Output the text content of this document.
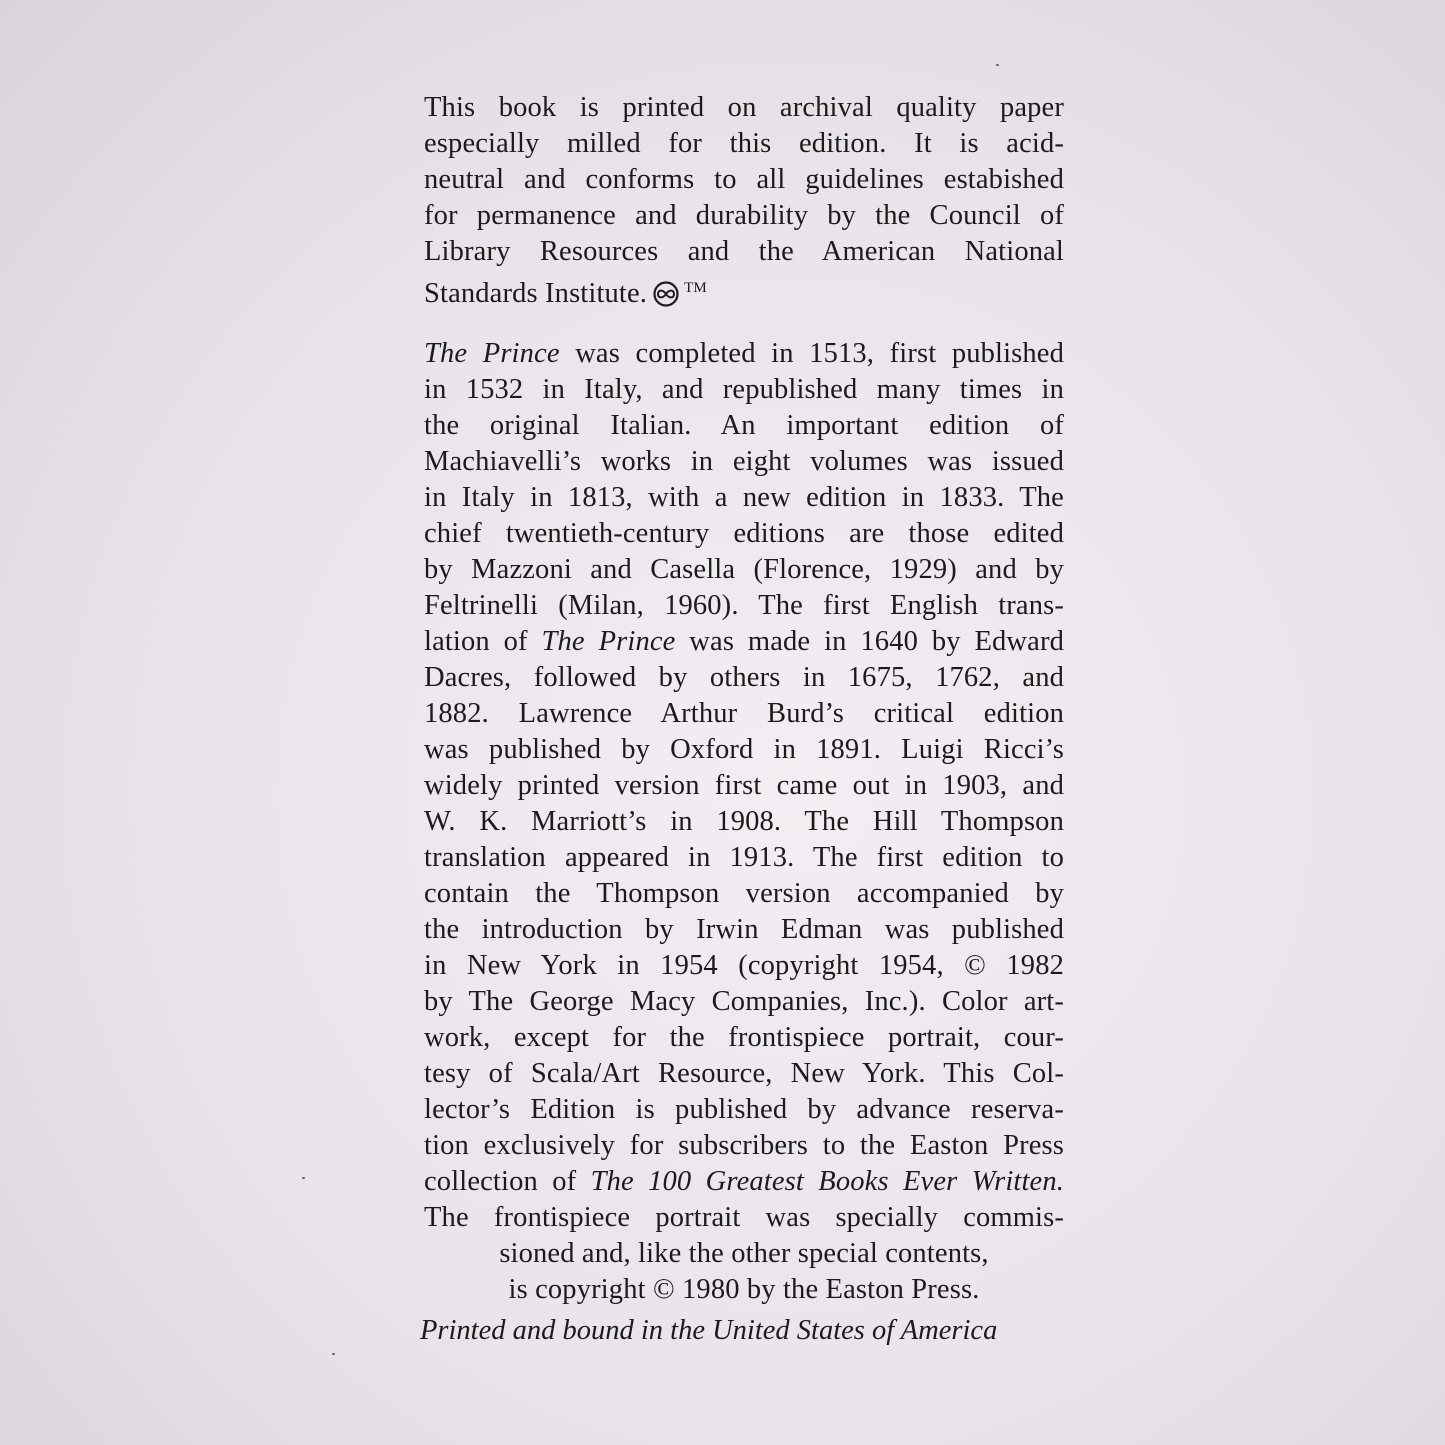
This book is printed on archival quality paper
especially milled for this edition. It is acid-
neutral and conforms to all guidelines estabished
for permanence and durability by the Council of
Library Resources and the American National
Standards Institute. ™
The Prince was completed in 1513, first published
in 1532 in Italy, and republished many times in
the original Italian. An important edition of
Machiavelli’s works in eight volumes was issued
in Italy in 1813, with a new edition in 1833. The
chief twentieth-century editions are those edited
by Mazzoni and Casella (Florence, 1929) and by
Feltrinelli (Milan, 1960). The first English trans-
lation of The Prince was made in 1640 by Edward
Dacres, followed by others in 1675, 1762, and
1882. Lawrence Arthur Burd’s critical edition
was published by Oxford in 1891. Luigi Ricci’s
widely printed version first came out in 1903, and
W. K. Marriott’s in 1908. The Hill Thompson
translation appeared in 1913. The first edition to
contain the Thompson version accompanied by
the introduction by Irwin Edman was published
in New York in 1954 (copyright 1954, © 1982
by The George Macy Companies, Inc.). Color art-
work, except for the frontispiece portrait, cour-
tesy of Scala/Art Resource, New York. This Col-
lector’s Edition is published by advance reserva-
tion exclusively for subscribers to the Easton Press
collection of The 100 Greatest Books Ever Written.
The frontispiece portrait was specially commis-
sioned and, like the other special contents,
is copyright © 1980 by the Easton Press.
Printed and bound in the United States of America
